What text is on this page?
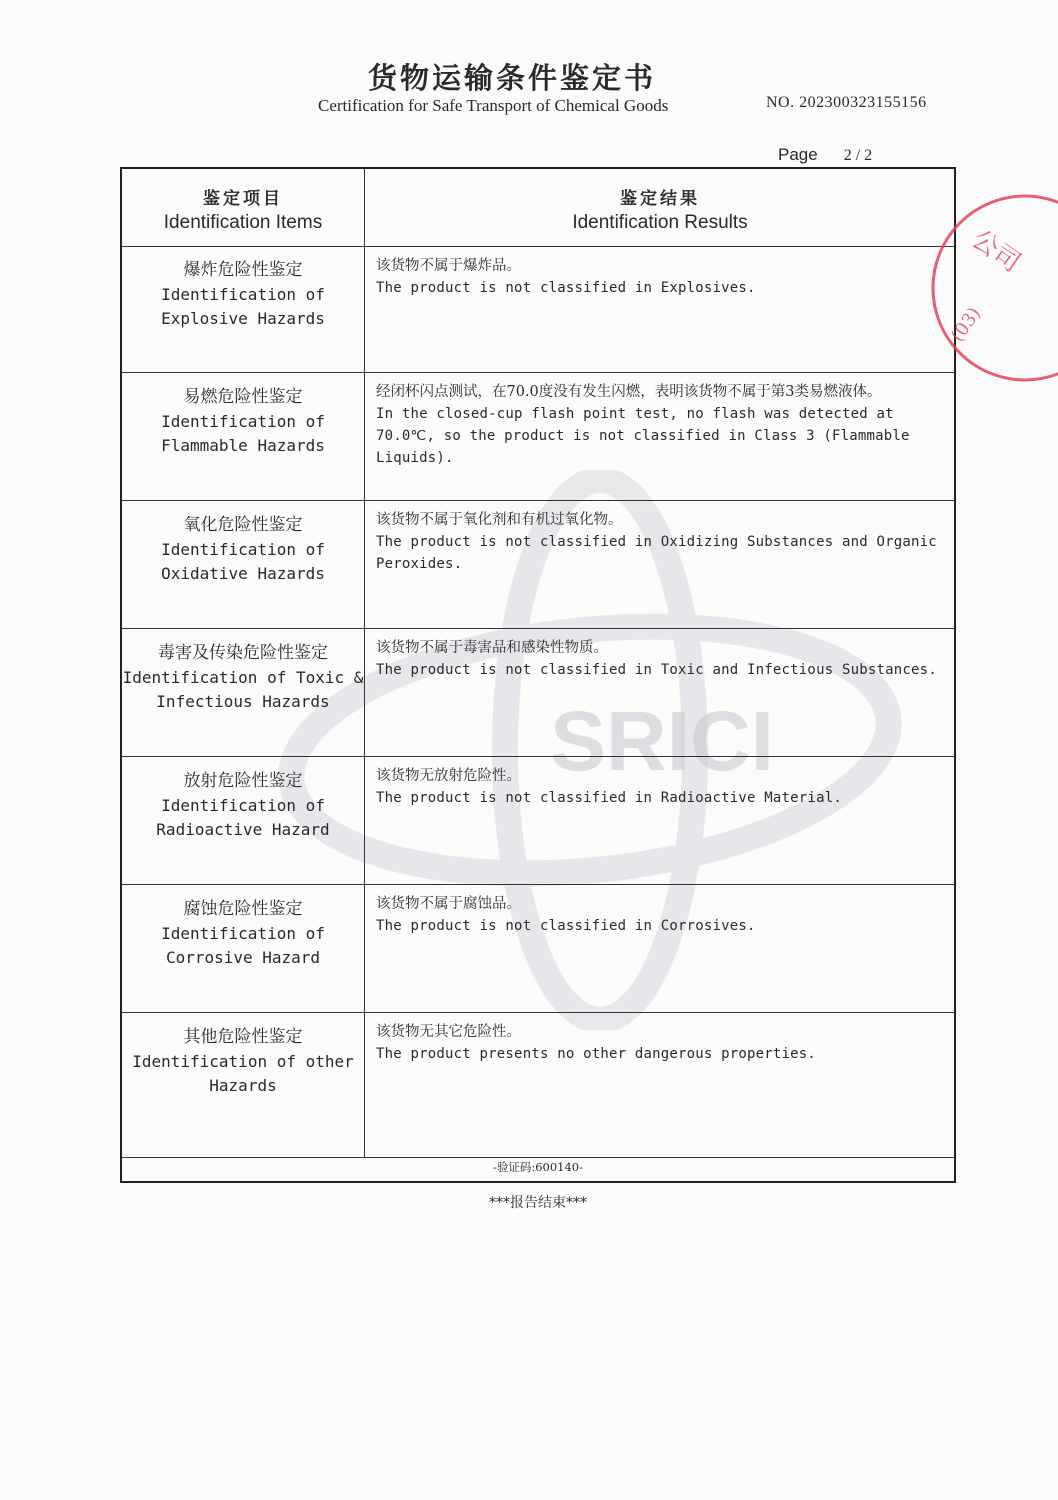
货物运输条件鉴定书
Certification for Safe Transport of Chemical Goods	NO. 202300323155156
Page 2 / 2
SRICI
鉴定项目
Identification Items
鉴定结果
Identification Results
爆炸危险性鉴定
Identification of
Explosive Hazards
该货物不属于爆炸品。
The product is not classified in Explosives.
易燃危险性鉴定
Identification of
Flammable Hazards
经闭杯闪点测试，在70.0度没有发生闪燃，表明该货物不属于第3类易燃液体。
In the closed-cup flash point test, no flash was detected at 70.0℃, so the product is not classified in Class 3 (Flammable Liquids).
氧化危险性鉴定
Identification of
Oxidative Hazards
该货物不属于氧化剂和有机过氧化物。
The product is not classified in Oxidizing Substances and Organic Peroxides.
毒害及传染危险性鉴定
Identification of Toxic &
Infectious Hazards
该货物不属于毒害品和感染性物质。
The product is not classified in Toxic and Infectious Substances.
放射危险性鉴定
Identification of
Radioactive Hazard
该货物无放射危险性。
The product is not classified in Radioactive Material.
腐蚀危险性鉴定
Identification of
Corrosive Hazard
该货物不属于腐蚀品。
The product is not classified in Corrosives.
其他危险性鉴定
Identification of other
Hazards
该货物无其它危险性。
The product presents no other dangerous properties.
-验证码:600140-
***报告结束***
公司
(03)
